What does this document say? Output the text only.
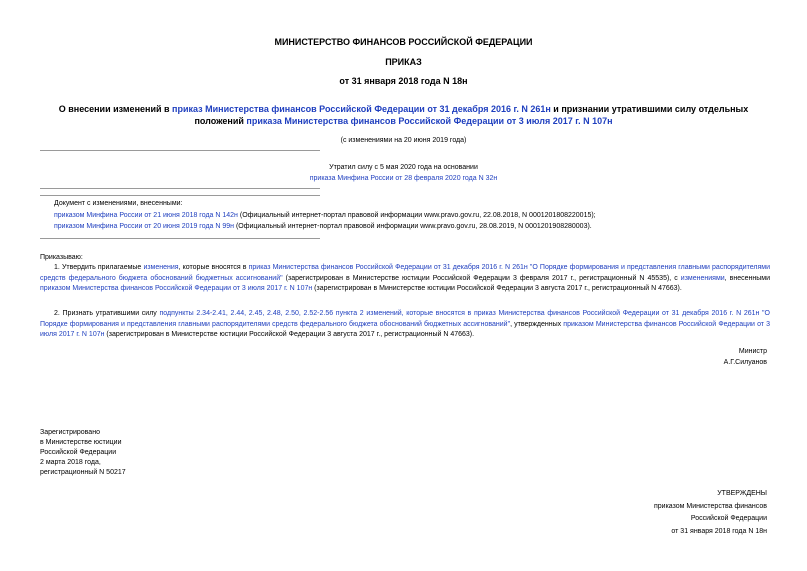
МИНИСТЕРСТВО ФИНАНСОВ РОССИЙСКОЙ ФЕДЕРАЦИИ
ПРИКАЗ
от 31 января 2018 года N 18н
О внесении изменений в приказ Министерства финансов Российской Федерации от 31 декабря 2016 г. N 261н и признании утратившими силу отдельных
положений приказа Министерства финансов Российской Федерации от 3 июля 2017 г. N 107н
(с изменениями на 20 июня 2019 года)
Утратил силу с 5 мая 2020 года на основании
приказа Минфина России от 28 февраля 2020 года N 32н
Документ с изменениями, внесенными:
приказом Минфина России от 21 июня 2018 года N 142н (Официальный интернет-портал правовой информации www.pravo.gov.ru, 22.08.2018, N 0001201808220015);
приказом Минфина России от 20 июня 2019 года N 99н (Официальный интернет-портал правовой информации www.pravo.gov.ru, 28.08.2019, N 0001201908280003).
Приказываю:
1. Утвердить прилагаемые изменения, которые вносятся в приказ Министерства финансов Российской Федерации от 31 декабря 2016 г. N 261н "О Порядке формирования и представления главными распорядителями средств федерального бюджета обоснований бюджетных ассигнований" (зарегистрирован в Министерстве юстиции Российской Федерации 3 февраля 2017 г., регистрационный N 45535), с изменениями, внесенными приказом Министерства финансов Российской Федерации от 3 июля 2017 г. N 107н (зарегистрирован в Министерстве юстиции Российской Федерации 3 августа 2017 г., регистрационный N 47663).
2. Признать утратившими силу подпункты 2.34-2.41, 2.44, 2.45, 2.48, 2.50, 2.52-2.56 пункта 2 изменений, которые вносятся в приказ Министерства финансов Российской Федерации от 31 декабря 2016 г. N 261н "О Порядке формирования и представления главными распорядителями средств федерального бюджета обоснований бюджетных ассигнований", утвержденных приказом Министерства финансов Российской Федерации от 3 июля 2017 г. N 107н (зарегистрирован в Министерстве юстиции Российской Федерации 3 августа 2017 г., регистрационный N 47663).
Министр
А.Г.Силуанов
Зарегистрировано
в Министерстве юстиции
Российской Федерации
2 марта 2018 года,
регистрационный N 50217
УТВЕРЖДЕНЫ
приказом Министерства финансов
Российской Федерации
от 31 января 2018 года N 18н
